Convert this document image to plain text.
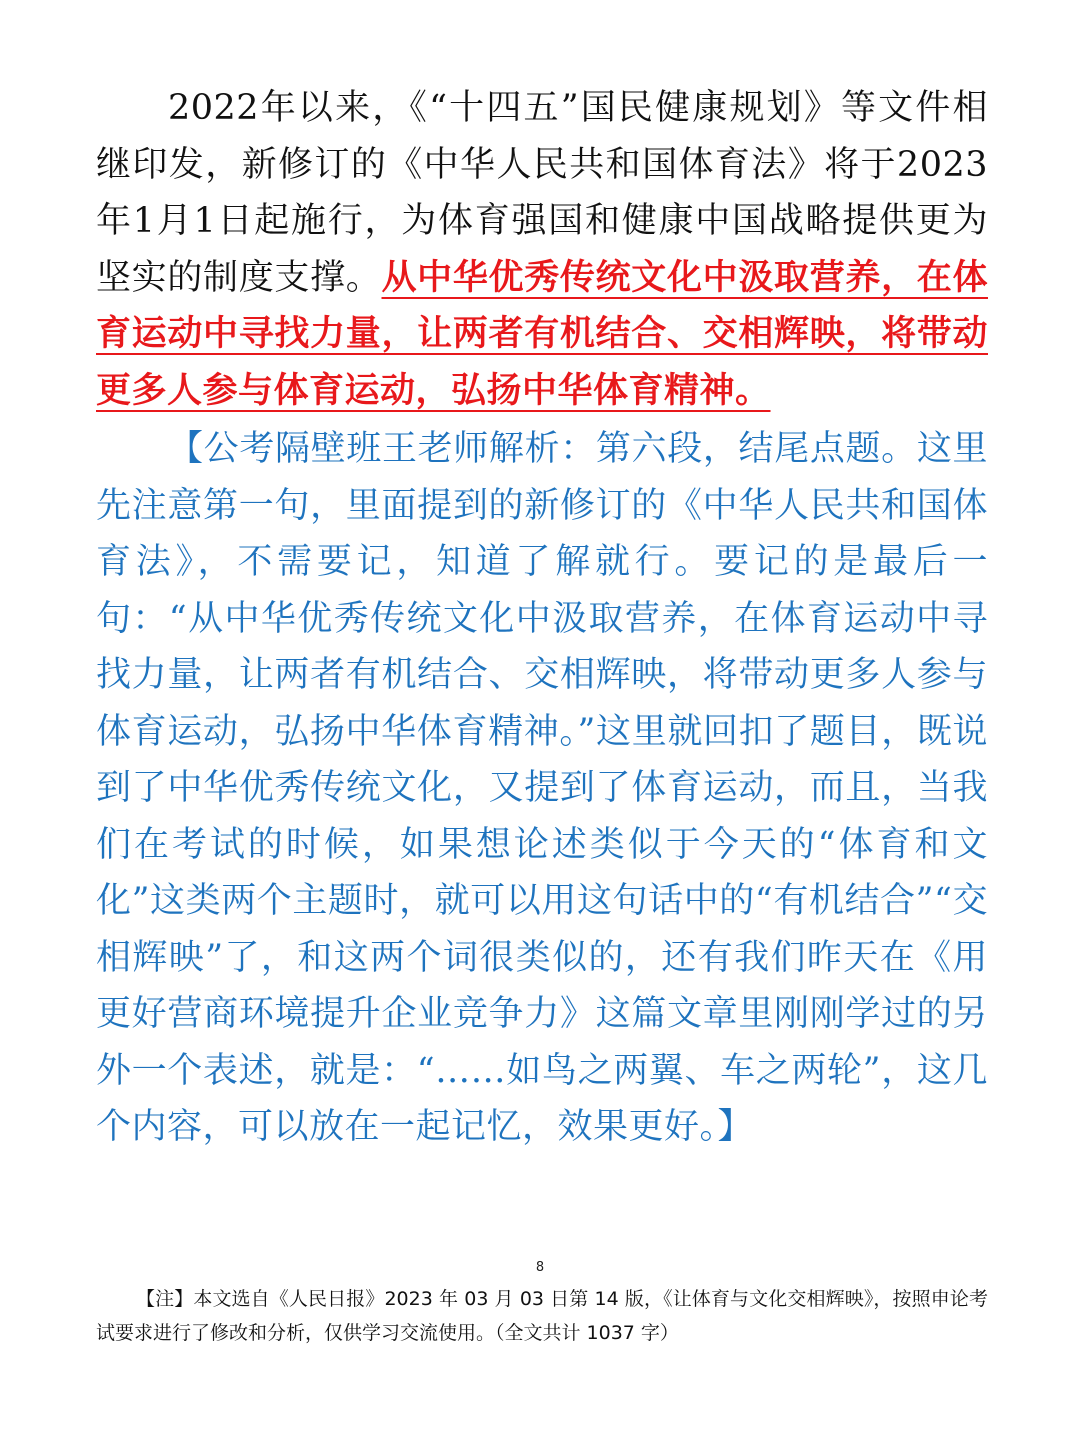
2022年以来，《“十四五”国民健康规划》等文件相继印发，新修订的《中华人民共和国体育法》将于2023年1月1日起施行，为体育强国和健康中国战略提供更为坚实的制度支撑。从中华优秀传统文化中汲取营养，在体育运动中寻找力量，让两者有机结合、交相辉映，将带动更多人参与体育运动，弘扬中华体育精神。

【公考隔壁班王老师解析：第六段，结尾点题。这里先注意第一句，里面提到的新修订的《中华人民共和国体育法》，不需要记，知道了解就行。要记的是最后一句：“从中华优秀传统文化中汲取营养，在体育运动中寻找力量，让两者有机结合、交相辉映，将带动更多人参与体育运动，弘扬中华体育精神。”这里就回扣了题目，既说到了中华优秀传统文化，又提到了体育运动，而且，当我们在考试的时候，如果想论述类似于今天的“体育和文化”这类两个主题时，就可以用这句话中的“有机结合”“交相辉映”了，和这两个词很类似的，还有我们昨天在《用更好营商环境提升企业竞争力》这篇文章里刚刚学过的另外一个表述，就是：“……如鸟之两翼、车之两轮”，这几个内容，可以放在一起记忆，效果更好。】

8

【注】本文选自《人民日报》2023 年 03 月 03 日第 14 版，《让体育与文化交相辉映》，按照申论考试要求进行了修改和分析，仅供学习交流使用。（全文共计 1037 字）
